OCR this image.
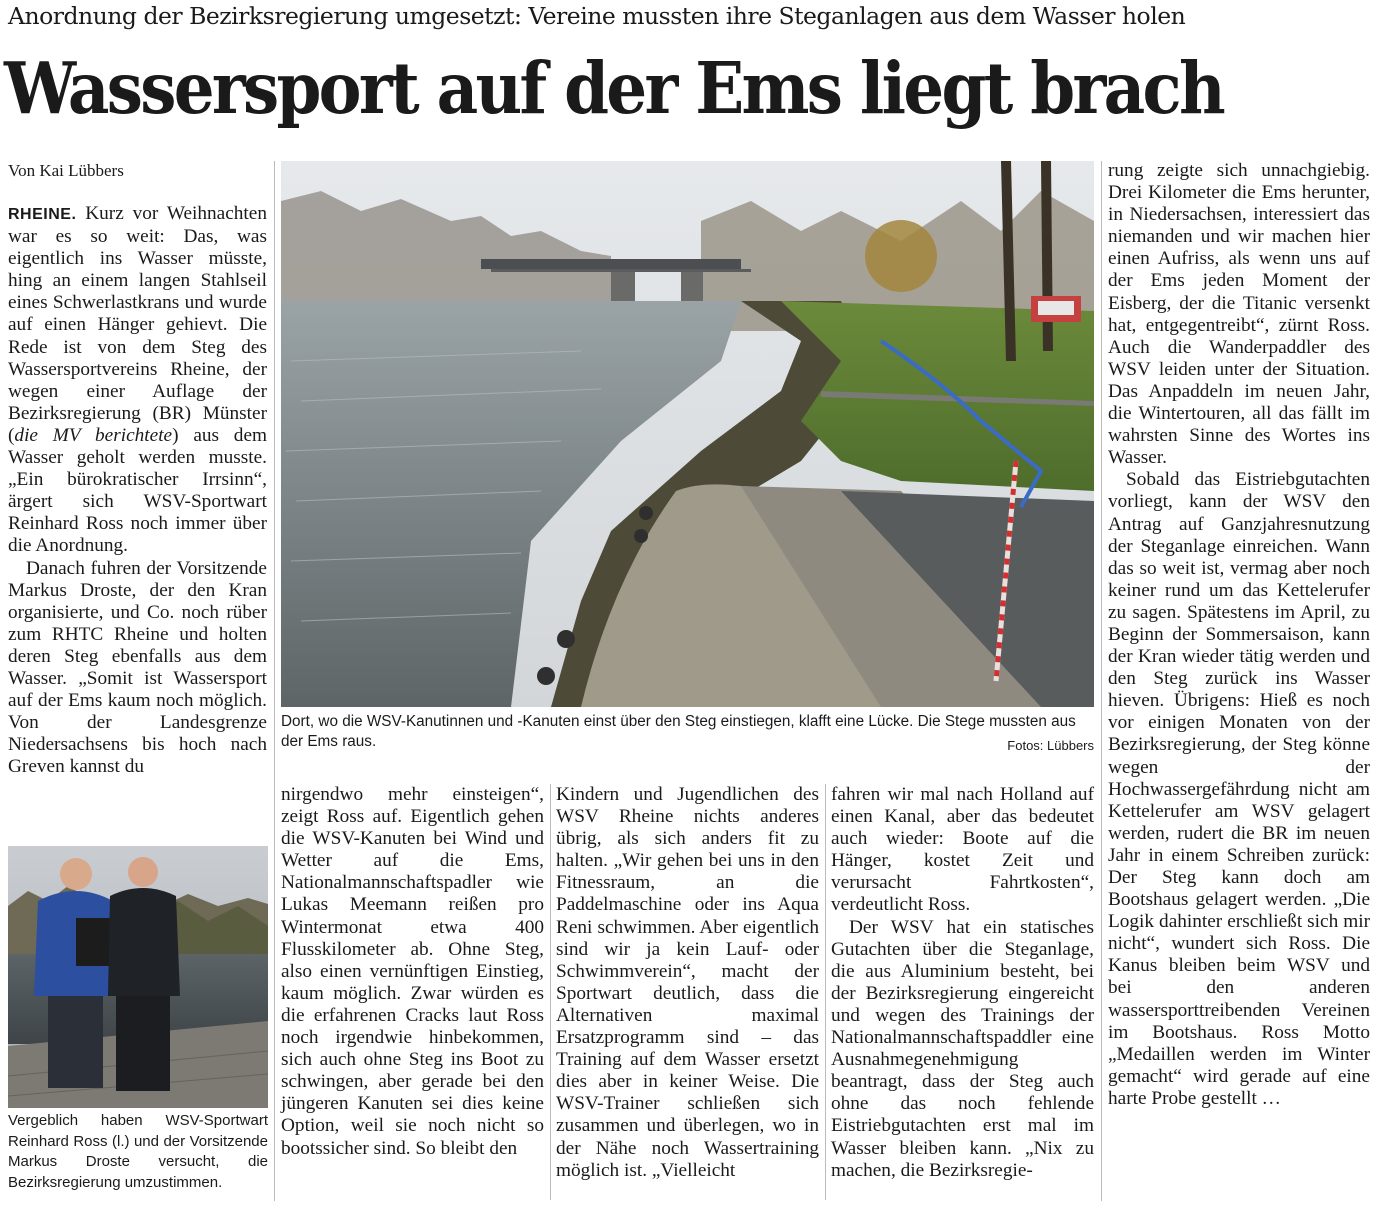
Anordnung der Bezirksregierung umgesetzt: Vereine mussten ihre Steganlagen aus dem Wasser holen
Wassersport auf der Ems liegt brach
Von Kai Lübbers

RHEINE. Kurz vor Weihnachten war es so weit: Das, was eigentlich ins Wasser müsste, hing an einem langen Stahlseil eines Schwerlastkrans und wurde auf einen Hänger gehievt. Die Rede ist von dem Steg des Wassersportvereins Rheine, der wegen einer Auflage der Bezirksregierung (BR) Münster (die MV berichtete) aus dem Wasser geholt werden musste. „Ein bürokratischer Irrsinn“, ärgert sich WSV-Sportwart Reinhard Ross noch immer über die Anordnung.

Danach fuhren der Vorsitzende Markus Droste, der den Kran organisierte, und Co. noch rüber zum RHTC Rheine und holten deren Steg ebenfalls aus dem Wasser. „Somit ist Wassersport auf der Ems kaum noch möglich. Von der Landesgrenze Niedersachsens bis hoch nach Greven kannst du

Vergeblich haben WSV-Sportwart Reinhard Ross (l.) und der Vorsitzende Markus Droste versucht, die Bezirksregierung umzustimmen.
Dort, wo die WSV-Kanutinnen und -Kanuten einst über den Steg einstiegen, klafft eine Lücke. Die Stege mussten aus der Ems raus.	Fotos: Lübbers

nirgendwo mehr einsteigen“, zeigt Ross auf. Eigentlich gehen die WSV-Kanuten bei Wind und Wetter auf die Ems, Nationalmannschaftspadler wie Lukas Meemann reißen pro Wintermonat etwa 400 Flusskilometer ab. Ohne Steg, also einen vernünftigen Einstieg, kaum möglich. Zwar würden es die erfahrenen Cracks laut Ross noch irgendwie hinbekommen, sich auch ohne Steg ins Boot zu schwingen, aber gerade bei den jüngeren Kanuten sei dies keine Option, weil sie noch nicht so bootssicher sind. So bleibt den

Kindern und Jugendlichen des WSV Rheine nichts anderes übrig, als sich anders fit zu halten. „Wir gehen bei uns in den Fitnessraum, an die Paddelmaschine oder ins Aqua Reni schwimmen. Aber eigentlich sind wir ja kein Lauf- oder Schwimmverein“, macht der Sportwart deutlich, dass die Alternativen maximal Ersatzprogramm sind – das Training auf dem Wasser ersetzt dies aber in keiner Weise. Die WSV-Trainer schließen sich zusammen und überlegen, wo in der Nähe noch Wassertraining möglich ist. „Vielleicht

fahren wir mal nach Holland auf einen Kanal, aber das bedeutet auch wieder: Boote auf die Hänger, kostet Zeit und verursacht Fahrtkosten“, verdeutlicht Ross.

Der WSV hat ein statisches Gutachten über die Steganlage, die aus Aluminium besteht, bei der Bezirksregierung eingereicht und wegen des Trainings der Nationalmannschaftspaddler eine Ausnahmegenehmigung beantragt, dass der Steg auch ohne das noch fehlende Eistriebgutachten erst mal im Wasser bleiben kann. „Nix zu machen, die Bezirksregie-

rung zeigte sich unnachgiebig. Drei Kilometer die Ems herunter, in Niedersachsen, interessiert das niemanden und wir machen hier einen Aufriss, als wenn uns auf der Ems jeden Moment der Eisberg, der die Titanic versenkt hat, entgegentreibt“, zürnt Ross. Auch die Wanderpaddler des WSV leiden unter der Situation. Das Anpaddeln im neuen Jahr, die Wintertouren, all das fällt im wahrsten Sinne des Wortes ins Wasser.

Sobald das Eistriebgutachten vorliegt, kann der WSV den Antrag auf Ganzjahresnutzung der Steganlage einreichen. Wann das so weit ist, vermag aber noch keiner rund um das Kettelerufer zu sagen. Spätestens im April, zu Beginn der Sommersaison, kann der Kran wieder tätig werden und den Steg zurück ins Wasser hieven. Übrigens: Hieß es noch vor einigen Monaten von der Bezirksregierung, der Steg könne wegen der Hochwassergefährdung nicht am Kettelerufer am WSV gelagert werden, rudert die BR im neuen Jahr in einem Schreiben zurück: Der Steg kann doch am Bootshaus gelagert werden. „Die Logik dahinter erschließt sich mir nicht“, wundert sich Ross. Die Kanus bleiben beim WSV und bei den anderen wassersporttreibenden Vereinen im Bootshaus. Ross Motto „Medaillen werden im Winter gemacht“ wird gerade auf eine harte Probe gestellt …
